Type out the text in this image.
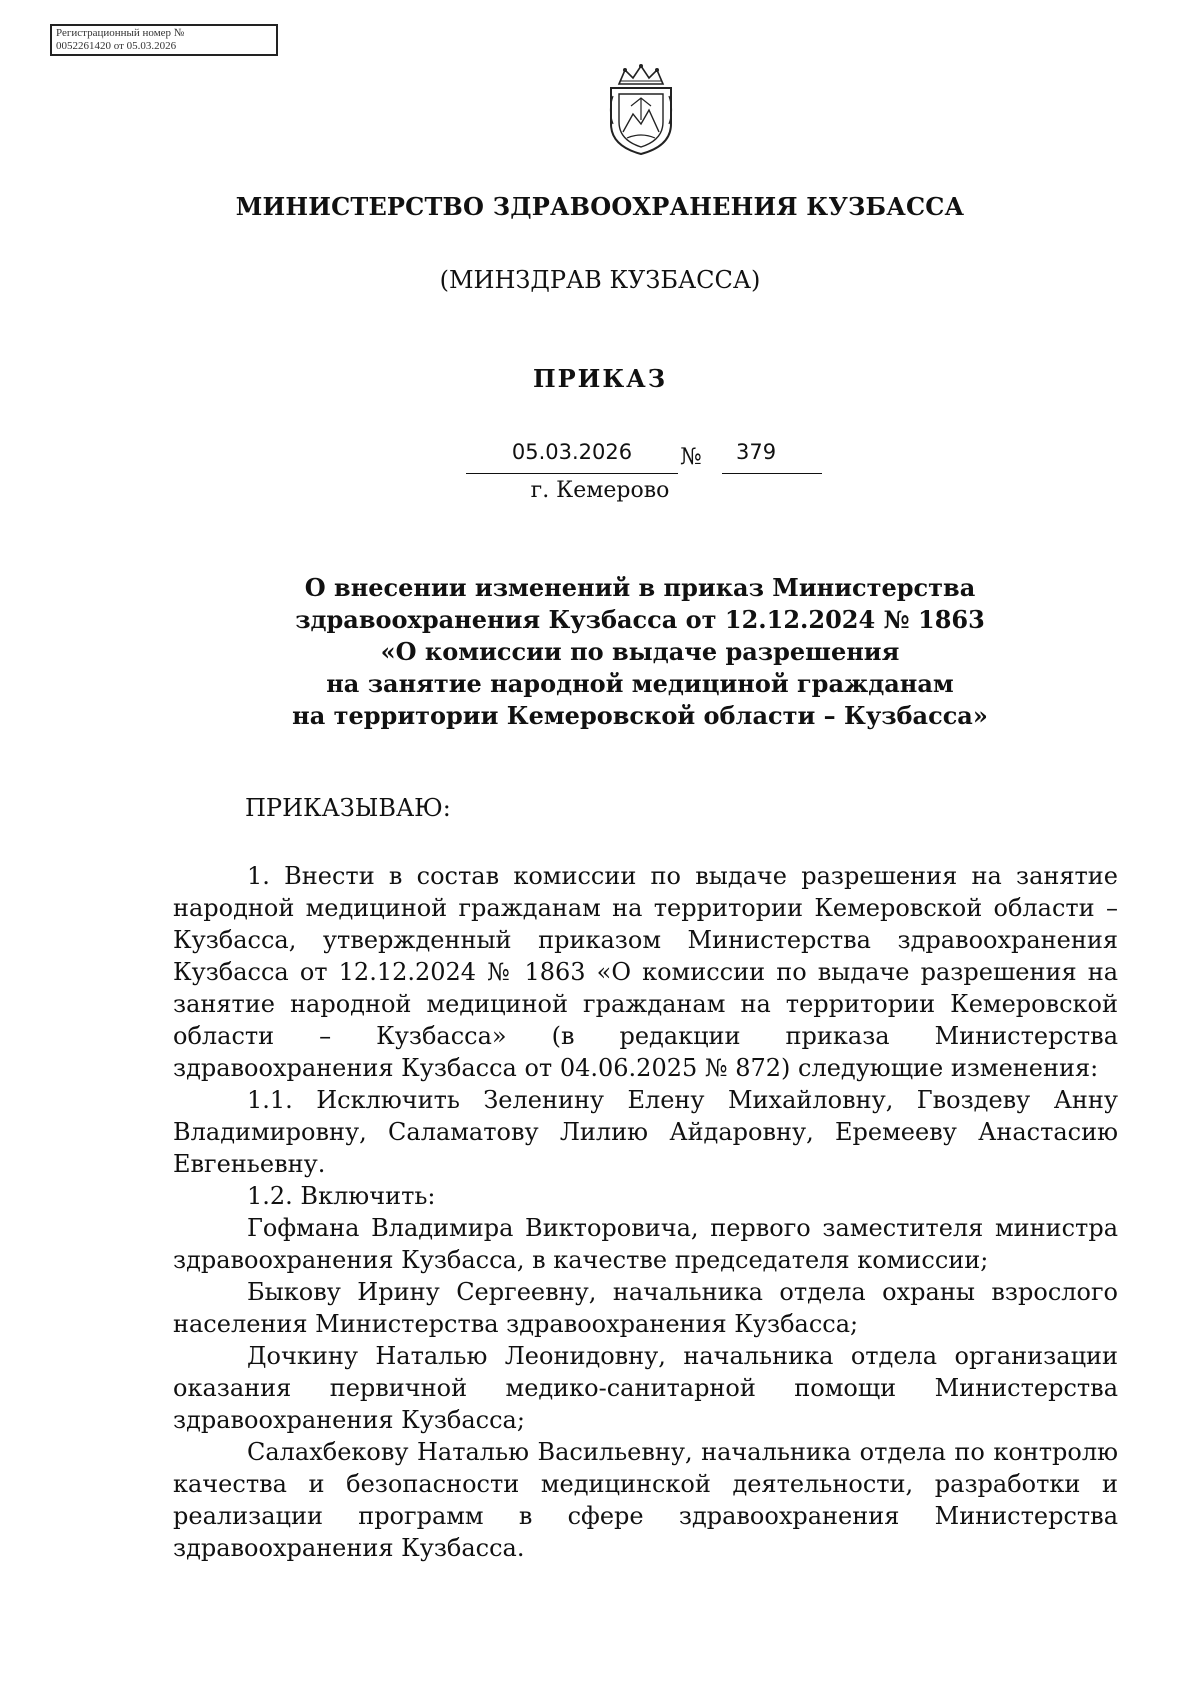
Регистрационный номер №
0052261420 от 05.03.2026
МИНИСТЕРСТВО ЗДРАВООХРАНЕНИЯ КУЗБАССА
(МИНЗДРАВ КУЗБАССА)
ПРИКАЗ
05.03.2026	№	379
г. Кемерово
О внесении изменений в приказ Министерства
здравоохранения Кузбасса от 12.12.2024 № 1863
«О комиссии по выдаче разрешения
на занятие народной медициной гражданам
на территории Кемеровской области – Кузбасса»
ПРИКАЗЫВАЮ:

1. Внести в состав комиссии по выдаче разрешения на занятие народной медициной гражданам на территории Кемеровской области – Кузбасса, утвержденный приказом Министерства здравоохранения Кузбасса от 12.12.2024 № 1863 «О комиссии по выдаче разрешения на занятие народной медициной гражданам на территории Кемеровской области – Кузбасса» (в редакции приказа Министерства здравоохранения Кузбасса от 04.06.2025 № 872) следующие изменения:

1.1. Исключить Зеленину Елену Михайловну, Гвоздеву Анну Владимировну, Саламатову Лилию Айдаровну, Еремееву Анастасию Евгеньевну.

1.2. Включить:

Гофмана Владимира Викторовича, первого заместителя министра здравоохранения Кузбасса, в качестве председателя комиссии;

Быкову Ирину Сергеевну, начальника отдела охраны взрослого населения Министерства здравоохранения Кузбасса;

Дочкину Наталью Леонидовну, начальника отдела организации оказания первичной медико-санитарной помощи Министерства здравоохранения Кузбасса;

Салахбекову Наталью Васильевну, начальника отдела по контролю качества и безопасности медицинской деятельности, разработки и реализации программ в сфере здравоохранения Министерства здравоохранения Кузбасса.
